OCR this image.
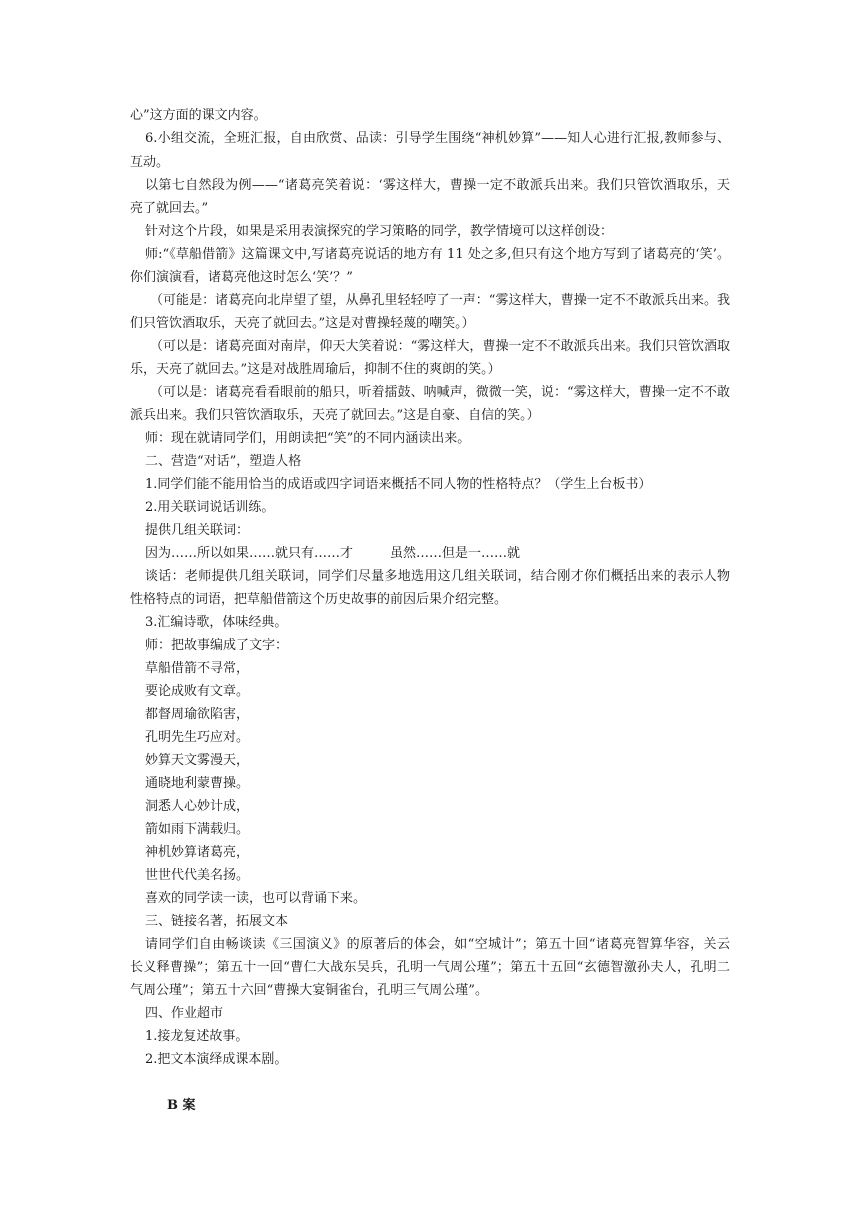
心”这方面的课文内容。

6.小组交流，全班汇报，自由欣赏、品读：引导学生围绕“神机妙算”——知人心进行汇报,教师参与、

互动。

以第七自然段为例——“诸葛亮笑着说：‘雾这样大，曹操一定不敢派兵出来。我们只管饮酒取乐，天

亮了就回去。”

针对这个片段，如果是采用表演探究的学习策略的同学，教学情境可以这样创设：

师:“《草船借箭》这篇课文中,写诸葛亮说话的地方有 11 处之多,但只有这个地方写到了诸葛亮的‘笑’。

你们演演看，诸葛亮他这时怎么‘笑’？”

（可能是：诸葛亮向北岸望了望，从鼻孔里轻轻哼了一声：“雾这样大，曹操一定不不敢派兵出来。我

们只管饮酒取乐，天亮了就回去。”这是对曹操轻蔑的嘲笑。）

（可以是：诸葛亮面对南岸，仰天大笑着说：“雾这样大，曹操一定不不敢派兵出来。我们只管饮酒取

乐，天亮了就回去。”这是对战胜周瑜后，抑制不住的爽朗的笑。）

（可以是：诸葛亮看看眼前的船只，听着擂鼓、呐喊声，微微一笑，说：“雾这样大，曹操一定不不敢

派兵出来。我们只管饮酒取乐，天亮了就回去。”这是自豪、自信的笑。）

师：现在就请同学们，用朗读把“笑”的不同内涵读出来。

二、营造“对话”，塑造人格

1.同学们能不能用恰当的成语或四字词语来概括不同人物的性格特点？（学生上台板书）

2.用关联词说话训练。

提供几组关联词：

因为……所以如果……就只有……才	虽然……但是一……就

谈话：老师提供几组关联词，同学们尽量多地选用这几组关联词，结合刚才你们概括出来的表示人物

性格特点的词语，把草船借箭这个历史故事的前因后果介绍完整。

3.汇编诗歌，体味经典。

师：把故事编成了文字：

草船借箭不寻常，

要论成败有文章。

都督周瑜欲陷害，

孔明先生巧应对。

妙算天文雾漫天，

通晓地利蒙曹操。

洞悉人心妙计成，

箭如雨下满载归。

神机妙算诸葛亮，

世世代代美名扬。

喜欢的同学读一读，也可以背诵下来。

三、链接名著，拓展文本

请同学们自由畅谈读《三国演义》的原著后的体会，如“空城计”；第五十回“诸葛亮智算华容，关云

长义释曹操”；第五十一回“曹仁大战东吴兵，孔明一气周公瑾”；第五十五回“玄德智激孙夫人，孔明二

气周公瑾”；第五十六回“曹操大宴铜雀台，孔明三气周公瑾”。

四、作业超市

1.接龙复述故事。

2.把文本演绎成课本剧。

B 案
